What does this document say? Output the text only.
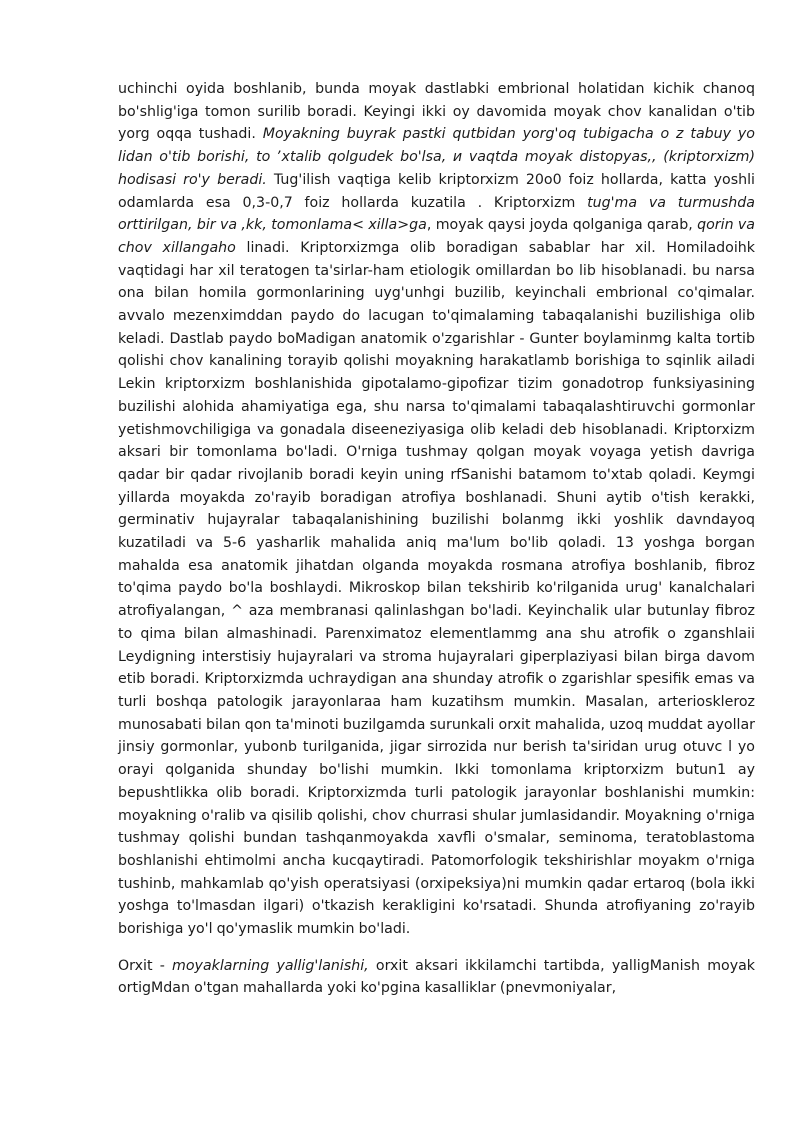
uchinchi oyida boshlanib, bunda moyak dastlabki embrional holatidan kichik chanoq bo'shlig'iga tomon surilib boradi. Keyingi ikki oy davomida moyak chov kanalidan o'tib yorg oqqa tushadi. Moyakning buyrak pastki qutbidan yorg'oq tubigacha o z tabuy yo lidan o'tib borishi, to ʼxtalib qolgudek bo'lsa, и vaqtda moyak distopyas,, (kriptorxizm) hodisasi ro'y beradi. Tug'ilish vaqtiga kelib kriptorxizm 20o0 foiz hollarda, katta yoshli odamlarda esa 0,3-0,7 foiz hollarda kuzatila . Kriptorxizm tug'ma va turmushda orttirilgan, bir va ,kk, tomonlama< xilla>ga, moyak qaysi joyda qolganiga qarab, qorin va chov xillangaho linadi. Kriptorxizmga olib boradigan sabablar har xil. Homiladoihk vaqtidagi har xil teratogen ta'sirlar-ham etiologik omillardan bo lib hisoblanadi. bu narsa ona bilan homila gormonlarining uyg'unhgi buzilib, keyinchali embrional co'qimalar. avvalo mezenximddan paydo do lacugan to'qimalaming tabaqalanishi buzilishiga olib keladi. Dastlab paydo boMadigan anatomik o'zgarishlar - Gunter boylaminmg kalta tortib qolishi chov kanalining torayib qolishi moyakning harakatlamb borishiga to sqinlik ailadi Lekin kriptorxizm boshlanishida gipotalamo-gipofizar tizim gonadotrop funksiyasining buzilishi alohida ahamiyatiga ega, shu narsa to'qimalami tabaqalashtiruvchi gormonlar yetishmovchiligiga va gonadala diseeneziyasiga olib keladi deb hisoblanadi. Kriptorxizm aksari bir tomonlama bo'ladi. O'rniga tushmay qolgan moyak voyaga yetish davriga qadar bir qadar rivojlanib boradi keyin uning rfSanishi batamom to'xtab qoladi. Keymgi yillarda moyakda zo'rayib boradigan atrofiya boshlanadi. Shuni aytib o'tish kerakki, germinativ hujayralar tabaqalanishining buzilishi bolanmg ikki yoshlik davndayoq kuzatiladi va 5-6 yasharlik mahalida aniq ma'lum bo'lib qoladi. 13 yoshga borgan mahalda esa anatomik jihatdan olganda moyakda rosmana atrofiya boshlanib, fibroz to'qima paydo bo'la boshlaydi. Mikroskop bilan tekshirib ko'rilganida urug' kanalchalari atrofiyalangan, ^ aza membranasi qalinlashgan bo'ladi. Keyinchalik ular butunlay fibroz to qima bilan almashinadi. Parenximatoz elementlammg ana shu atrofik o zganshlaii Leydigning interstisiy hujayralari va stroma hujayralari giperplaziyasi bilan birga davom etib boradi. Kriptorxizmda uchraydigan ana shunday atrofik o zgarishlar spesifik emas va turli boshqa patologik jarayonlaraa ham kuzatihsm mumkin. Masalan, arterioskleroz munosabati bilan qon ta'minoti buzilgamda surunkali orxit mahalida, uzoq muddat ayollar jinsiy gormonlar, yubonb turilganida, jigar sirrozida nur berish ta'siridan urug otuvc l yo orayi qolganida shunday bo'lishi mumkin. Ikki tomonlama kriptorxizm butun1 ay bepushtlikka olib boradi. Kriptorxizmda turli patologik jarayonlar boshlanishi mumkin: moyakning o'ralib va qisilib qolishi, chov churrasi shular jumlasidandir. Moyakning o'rniga tushmay qolishi bundan tashqanmoyakda xavfli o'smalar, seminoma, teratoblastoma boshlanishi ehtimolmi ancha kucqaytiradi. Patomorfologik tekshirishlar moyakm o'rniga tushinb, mahkamlab qo'yish operatsiyasi (orxipeksiya)ni mumkin qadar ertaroq (bola ikki yoshga to'lmasdan ilgari) o'tkazish kerakligini ko'rsatadi. Shunda atrofiyaning zo'rayib borishiga yo'l qo'ymaslik mumkin bo'ladi.

Orxit - moyaklarning yallig'lanishi, orxit aksari ikkilamchi tartibda, yalligManish moyak ortigMdan o'tgan mahallarda yoki ko'pgina kasalliklar (pnevmoniyalar,
